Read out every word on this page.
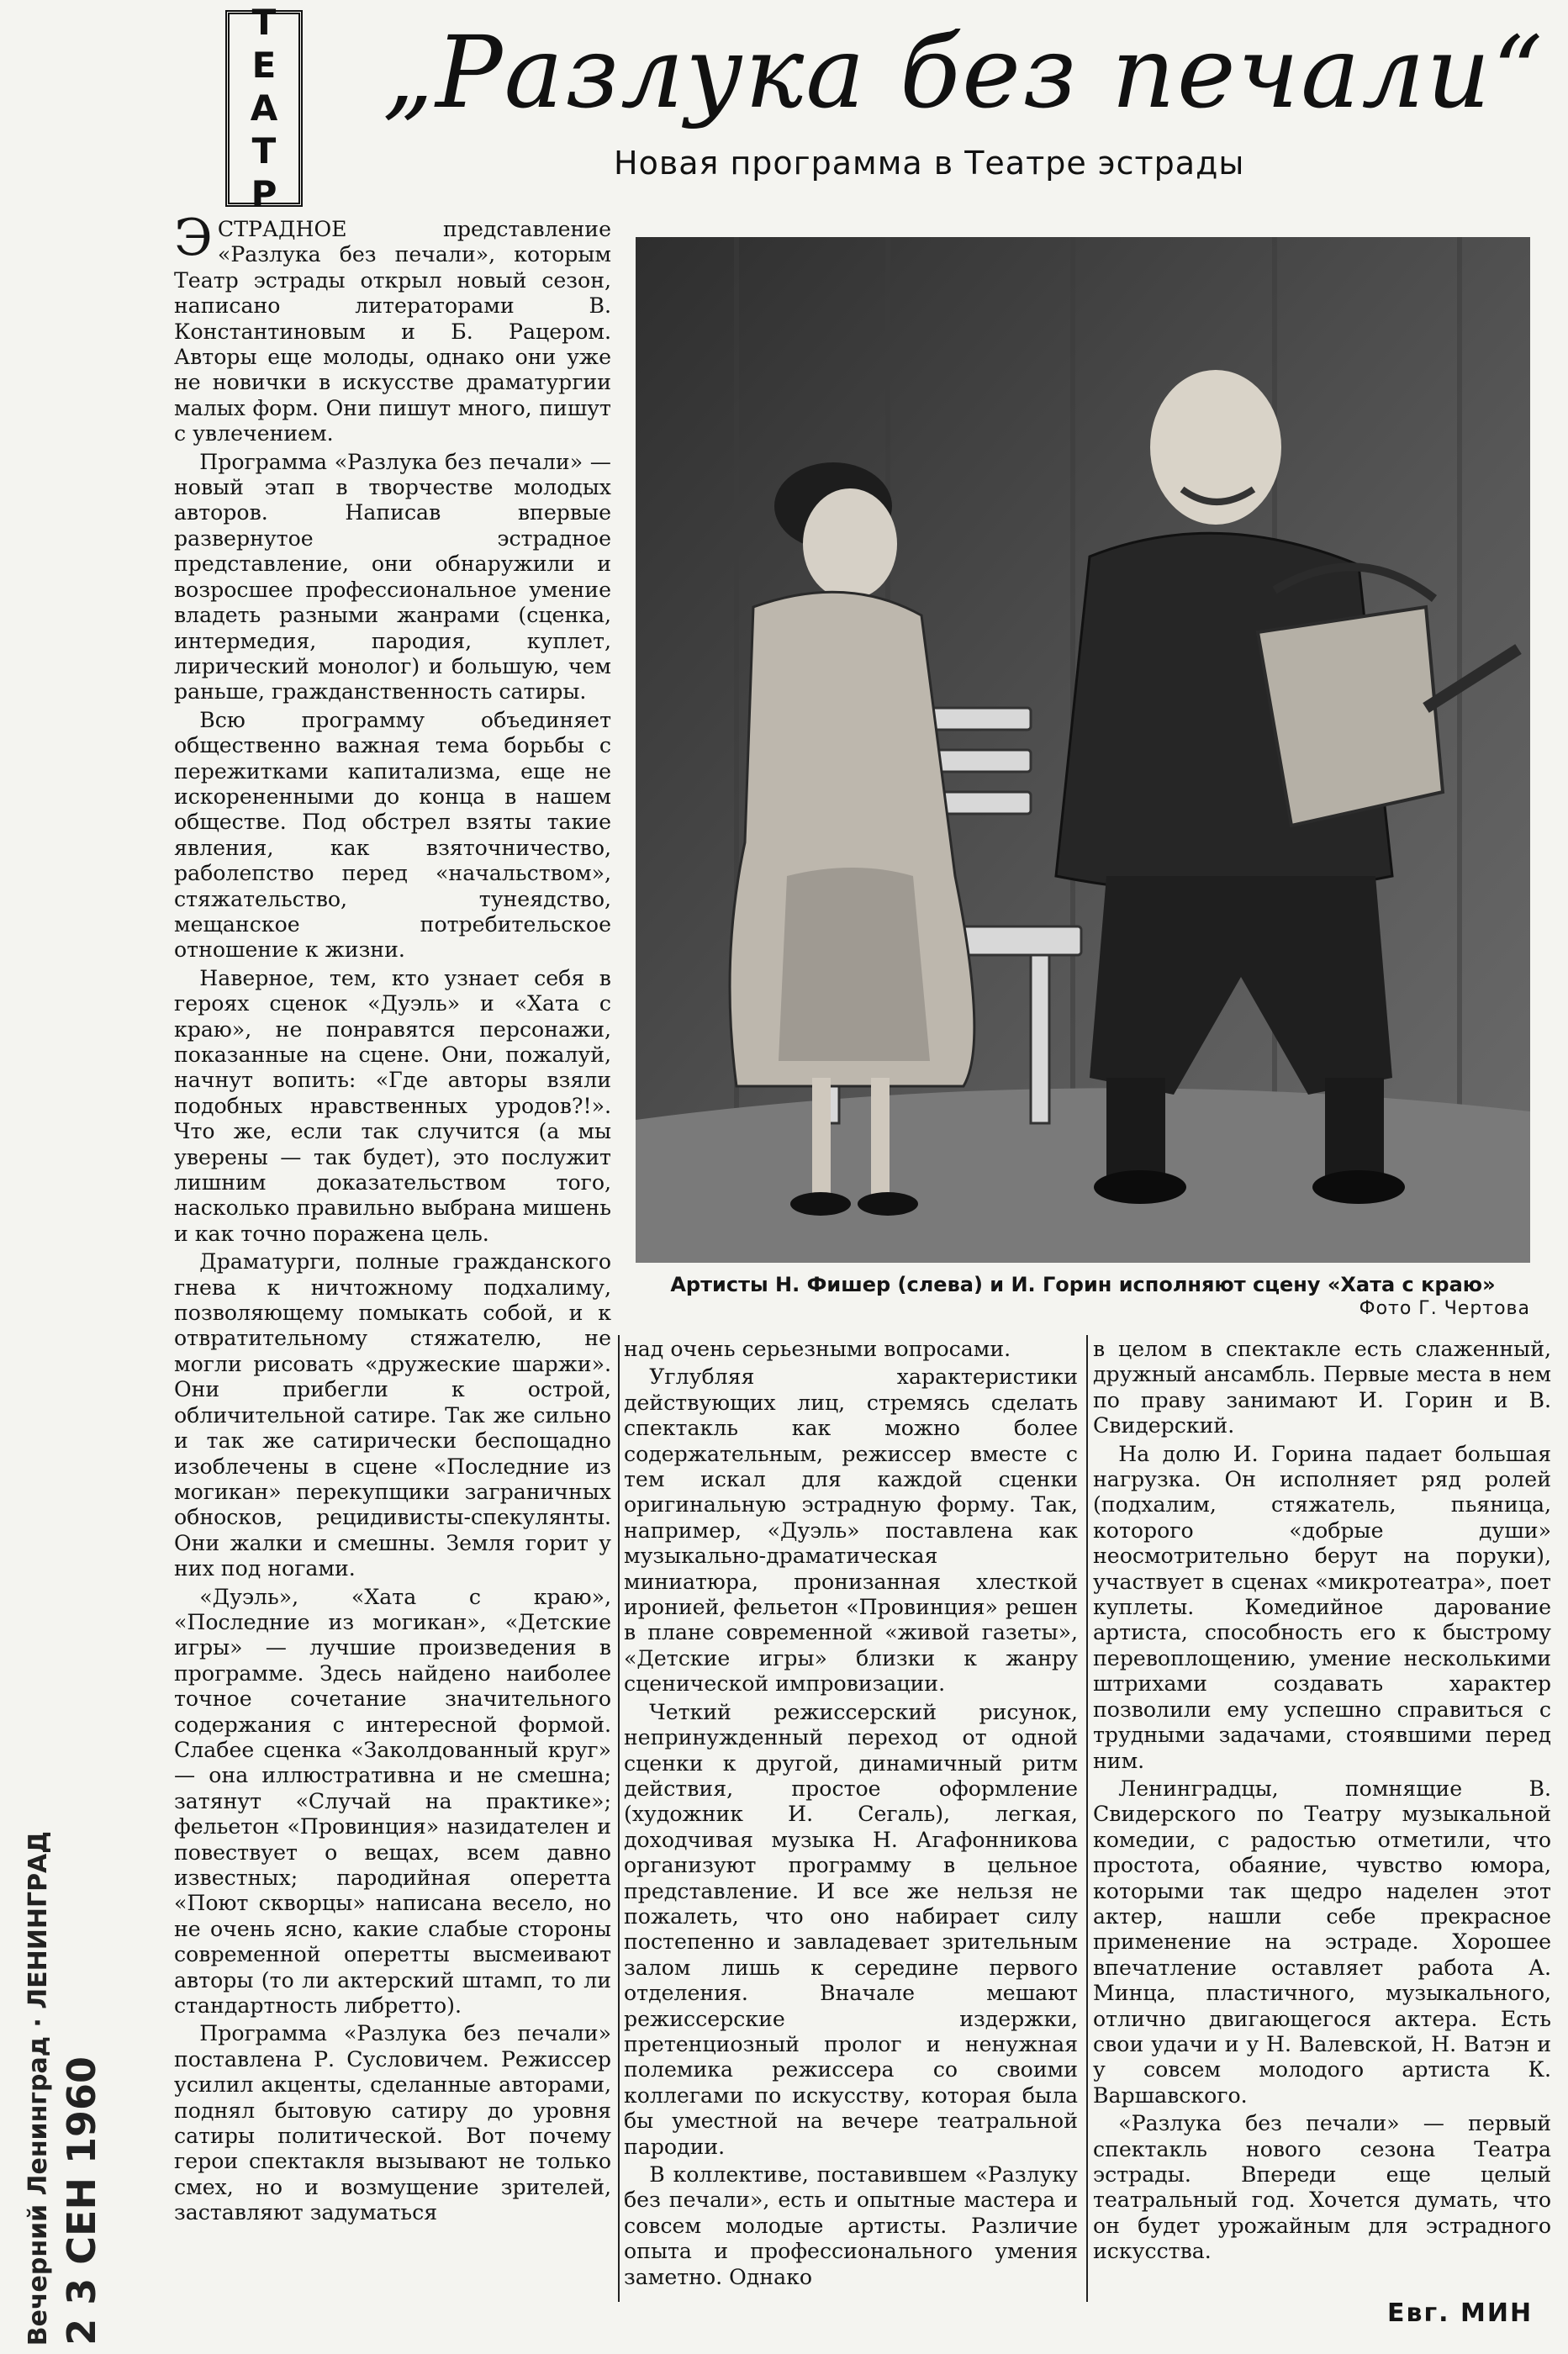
ТЕАТР „Разлука без печали“
Новая программа в Театре эстрады
Вечерний Ленинград · ЛЕНИНГРАД
2 3 СЕН 1960
Артисты Н. Фишер (слева) и И. Горин исполняют сцену «Хата с краю»
Фото Г. Чертова

ЭСТРАДНОЕ представление «Разлука без печали», которым Театр эстрады открыл новый сезон, написано литераторами В. Константиновым и Б. Рацером. Авторы еще молоды, однако они уже не новички в искусстве драматургии малых форм. Они пишут много, пишут с увлечением.

Программа «Разлука без печали» — новый этап в творчестве молодых авторов. Написав впервые развернутое эстрадное представление, они обнаружили и возросшее профессиональное умение владеть разными жанрами (сценка, интермедия, пародия, куплет, лирический монолог) и большую, чем раньше, гражданственность сатиры.

Всю программу объединяет общественно важная тема борьбы с пережитками капитализма, еще не искорененными до конца в нашем обществе. Под обстрел взяты такие явления, как взяточничество, раболепство перед «начальством», стяжательство, тунеядство, мещанское потребительское отношение к жизни.

Наверное, тем, кто узнает себя в героях сценок «Дуэль» и «Хата с краю», не понравятся персонажи, показанные на сцене. Они, пожалуй, начнут вопить: «Где авторы взяли подобных нравственных уродов?!». Что же, если так случится (а мы уверены — так будет), это послужит лишним доказательством того, насколько правильно выбрана мишень и как точно поражена цель.

Драматурги, полные гражданского гнева к ничтожному подхалиму, позволяющему помыкать собой, и к отвратительному стяжателю, не могли рисовать «дружеские шаржи». Они прибегли к острой, обличительной сатире. Так же сильно и так же сатирически беспощадно изоблечены в сцене «Последние из могикан» перекупщики заграничных обносков, рецидивисты-спекулянты. Они жалки и смешны. Земля горит у них под ногами.

«Дуэль», «Хата с краю», «Последние из могикан», «Детские игры» — лучшие произведения в программе. Здесь найдено наиболее точное сочетание значительного содержания с интересной формой. Слабее сценка «Заколдованный круг» — она иллюстративна и не смешна; затянут «Случай на практике»; фельетон «Провинция» назидателен и повествует о вещах, всем давно известных; пародийная оперетта «Поют скворцы» написана весело, но не очень ясно, какие слабые стороны современной оперетты высмеивают авторы (то ли актерский штамп, то ли стандартность либретто).

Программа «Разлука без печали» поставлена Р. Сусловичем. Режиссер усилил акценты, сделанные авторами, поднял бытовую сатиру до уровня сатиры политической. Вот почему герои спектакля вызывают не только смех, но и возмущение зрителей, заставляют задуматься

над очень серьезными вопросами.

Углубляя характеристики действующих лиц, стремясь сделать спектакль как можно более содержательным, режиссер вместе с тем искал для каждой сценки оригинальную эстрадную форму. Так, например, «Дуэль» поставлена как музыкально-драматическая миниатюра, пронизанная хлесткой иронией, фельетон «Провинция» решен в плане современной «живой газеты», «Детские игры» близки к жанру сценической импровизации.

Четкий режиссерский рисунок, непринужденный переход от одной сценки к другой, динамичный ритм действия, простое оформление (художник И. Сегаль), легкая, доходчивая музыка Н. Агафонникова организуют программу в цельное представление. И все же нельзя не пожалеть, что оно набирает силу постепенно и завладевает зрительным залом лишь к середине первого отделения. Вначале мешают режиссерские издержки, претенциозный пролог и ненужная полемика режиссера со своими коллегами по искусству, которая была бы уместной на вечере театральной пародии.

В коллективе, поставившем «Разлуку без печали», есть и опытные мастера и совсем молодые артисты. Различие опыта и профессионального умения заметно. Однако

в целом в спектакле есть слаженный, дружный ансамбль. Первые места в нем по праву занимают И. Горин и В. Свидерский.

На долю И. Горина падает большая нагрузка. Он исполняет ряд ролей (подхалим, стяжатель, пьяница, которого «добрые души» неосмотрительно берут на поруки), участвует в сценах «микротеатра», поет куплеты. Комедийное дарование артиста, способность его к быстрому перевоплощению, умение несколькими штрихами создавать характер позволили ему успешно справиться с трудными задачами, стоявшими перед ним.

Ленинградцы, помнящие В. Свидерского по Театру музыкальной комедии, с радостью отметили, что простота, обаяние, чувство юмора, которыми так щедро наделен этот актер, нашли себе прекрасное применение на эстраде. Хорошее впечатление оставляет работа А. Минца, пластичного, музыкального, отлично двигающегося актера. Есть свои удачи и у Н. Валевской, Н. Ватэн и у совсем молодого артиста К. Варшавского.

«Разлука без печали» — первый спектакль нового сезона Театра эстрады. Впереди еще целый театральный год. Хочется думать, что он будет урожайным для эстрадного искусства.

Евг. МИН
